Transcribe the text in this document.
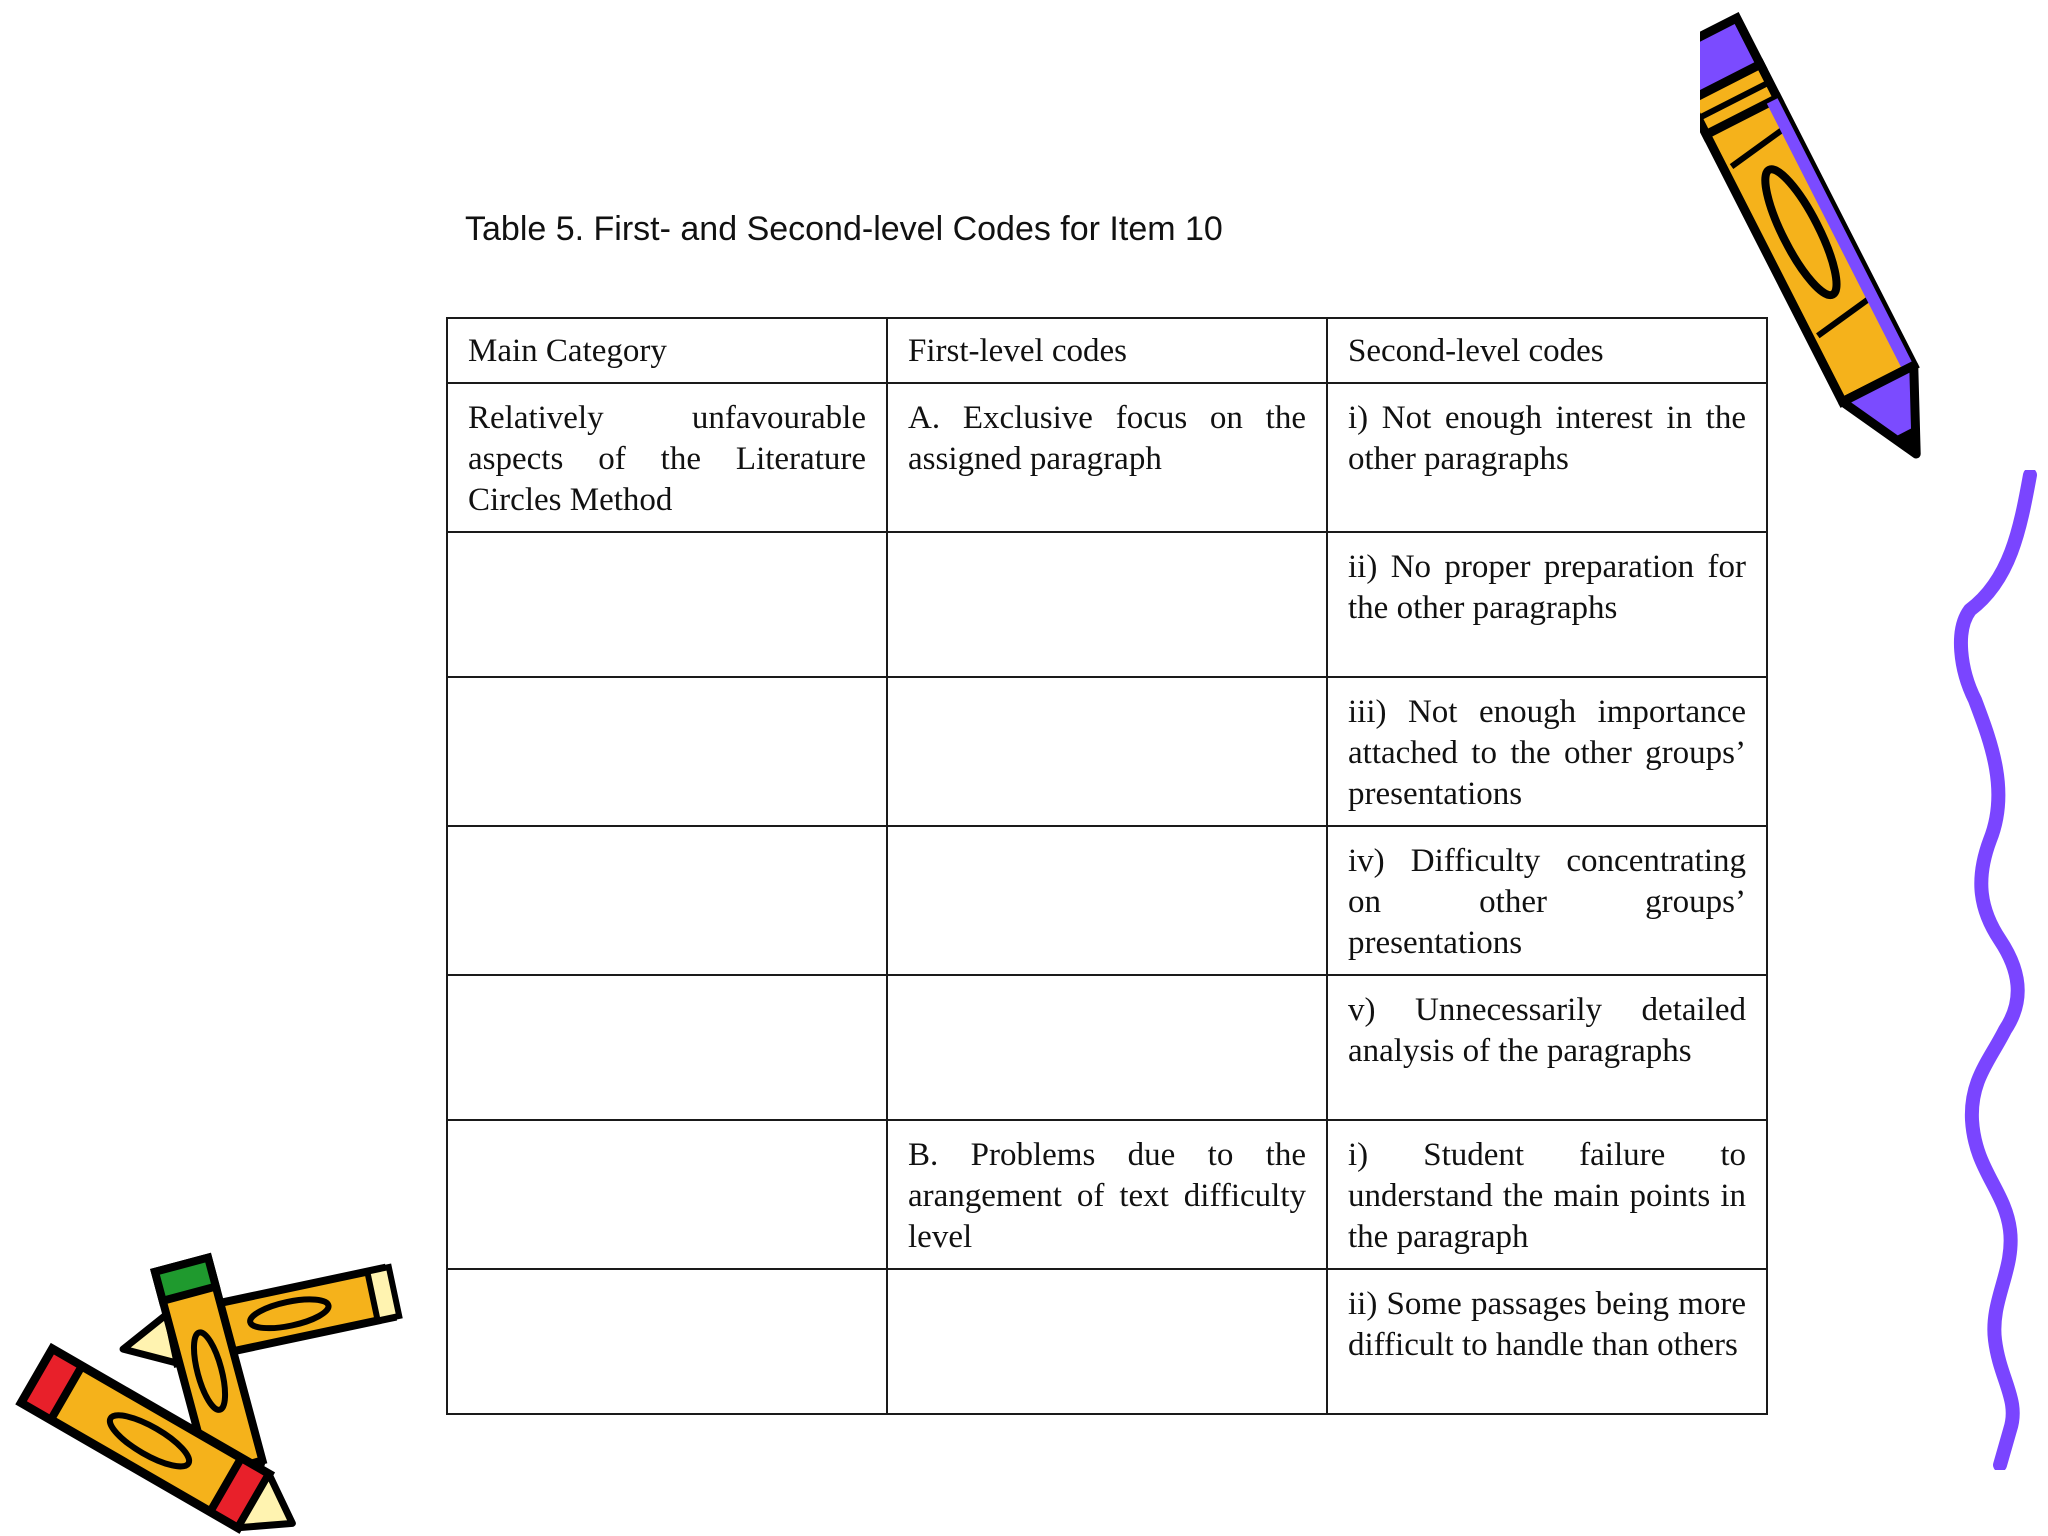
Table 5. First- and Second-level Codes for Item 10
Main Category	First-level codes	Second-level codes
Relatively unfavourable aspects of the Literature Circles Method	A. Exclusive focus on the assigned paragraph	i) Not enough interest in the other paragraphs
		ii) No proper preparation for the other paragraphs
		iii) Not enough importance attached to the other groups’ presentations
		iv) Difficulty concentrating on other groups’ presentations
		v) Unnecessarily detailed analysis of the paragraphs
	B. Problems due to the arangement of text difficulty level	i) Student failure to understand the main points in the paragraph
		ii) Some passages being more difficult to handle than others
